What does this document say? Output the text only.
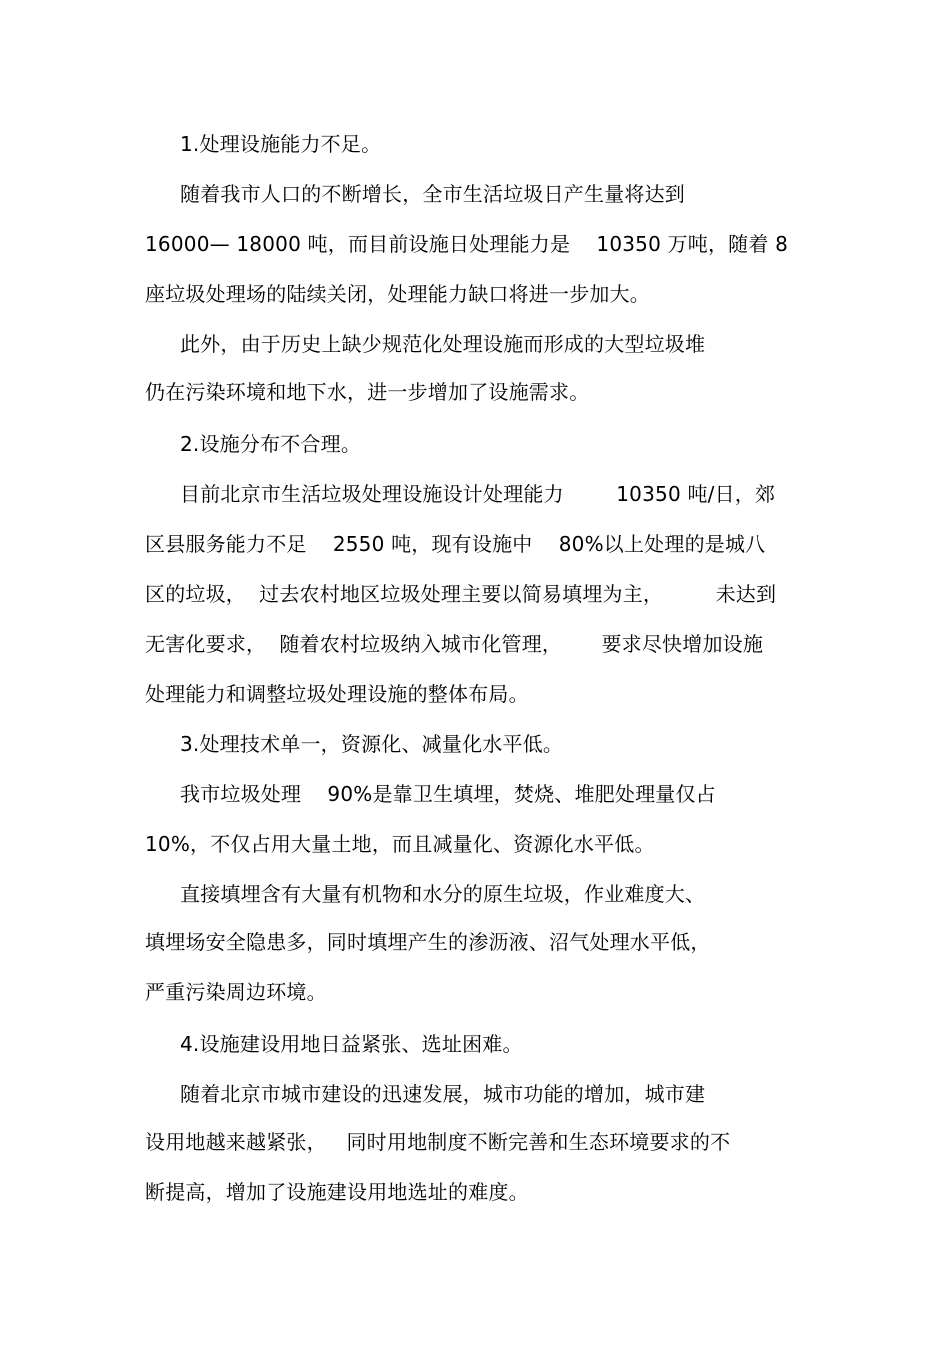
1.处理设施能力不足。
随着我市人口的不断增长，全市生活垃圾日产生量将达到
16000— 18000 吨，而目前设施日处理能力是    10350 万吨，随着 8
座垃圾处理场的陆续关闭，处理能力缺口将进一步加大。
此外，由于历史上缺少规范化处理设施而形成的大型垃圾堆
仍在污染环境和地下水，进一步增加了设施需求。
2.设施分布不合理。
目前北京市生活垃圾处理设施设计处理能力        10350 吨/日，郊
区县服务能力不足    2550 吨，现有设施中    80%以上处理的是城八
区的垃圾，  过去农村地区垃圾处理主要以简易填埋为主，        未达到
无害化要求，  随着农村垃圾纳入城市化管理，      要求尽快增加设施
处理能力和调整垃圾处理设施的整体布局。
3.处理技术单一，资源化、减量化水平低。
我市垃圾处理    90%是靠卫生填埋，焚烧、堆肥处理量仅占
10%，不仅占用大量土地，而且减量化、资源化水平低。
直接填埋含有大量有机物和水分的原生垃圾，作业难度大、
填埋场安全隐患多，同时填埋产生的渗沥液、沼气处理水平低，
严重污染周边环境。
4.设施建设用地日益紧张、选址困难。
随着北京市城市建设的迅速发展，城市功能的增加，城市建
设用地越来越紧张，   同时用地制度不断完善和生态环境要求的不
断提高，增加了设施建设用地选址的难度。
